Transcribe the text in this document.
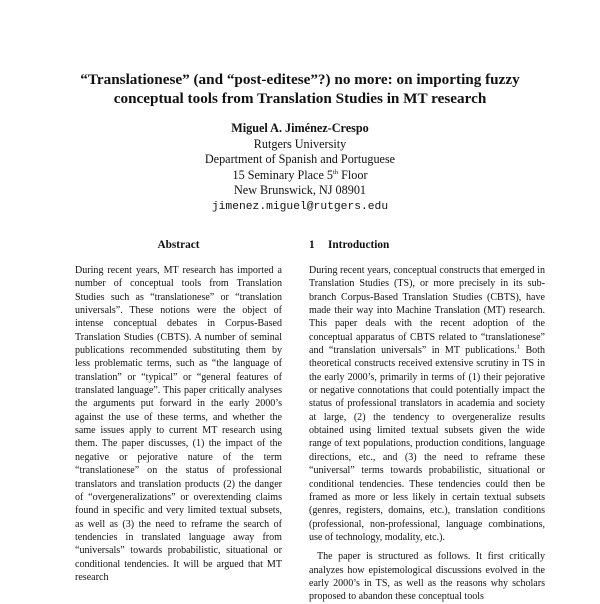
“Translationese” (and “post-editese”?) no more: on importing fuzzy
conceptual tools from Translation Studies in MT research
Miguel A. Jiménez-Crespo
Rutgers University
Department of Spanish and Portuguese
15 Seminary Place 5th Floor
New Brunswick, NJ 08901
jimenez.miguel@rutgers.edu
Abstract

During recent years, MT research has imported a number of conceptual tools from Translation Studies such as “translationese” or “translation universals”. These notions were the object of intense conceptual debates in Corpus-Based Translation Studies (CBTS). A number of seminal publications recommended substituting them by less problematic terms, such as “the language of translation” or “typical” or “general features of translated language”. This paper critically analyses the arguments put forward in the early 2000’s against the use of these terms, and whether the same issues apply to current MT research using them. The paper discusses, (1) the impact of the negative or pejorative nature of the term “translationese” on the status of professional translators and translation products (2) the danger of “overgeneralizations” or overextending claims found in specific and very limited textual subsets, as well as (3) the need to reframe the search of tendencies in translated language away from “universals” towards probabilistic, situational or conditional tendencies. It will be argued that MT research

1 Introduction

During recent years, conceptual constructs that emerged in Translation Studies (TS), or more precisely in its sub-branch Corpus-Based Translation Studies (CBTS), have made their way into Machine Translation (MT) research. This paper deals with the recent adoption of the conceptual apparatus of CBTS related to “translationese” and “translation universals” in MT publications.$^1$ Both theoretical constructs received extensive scrutiny in TS in the early 2000’s, primarily in terms of (1) their pejorative or negative connotations that could potentially impact the status of professional translators in academia and society at large, (2) the tendency to overgeneralize results obtained using limited textual subsets given the wide range of text populations, production conditions, language directions, etc., and (3) the need to reframe these “universal” terms towards probabilistic, situational or conditional tendencies. These tendencies could then be framed as more or less likely in certain textual subsets (genres, registers, domains, etc.), translation conditions (professional, non-professional, language combinations, use of technology, modality, etc.).

The paper is structured as follows. It first critically analyzes how epistemological discussions evolved in the early 2000’s in TS, as well as the reasons why scholars proposed to abandon these conceptual tools
